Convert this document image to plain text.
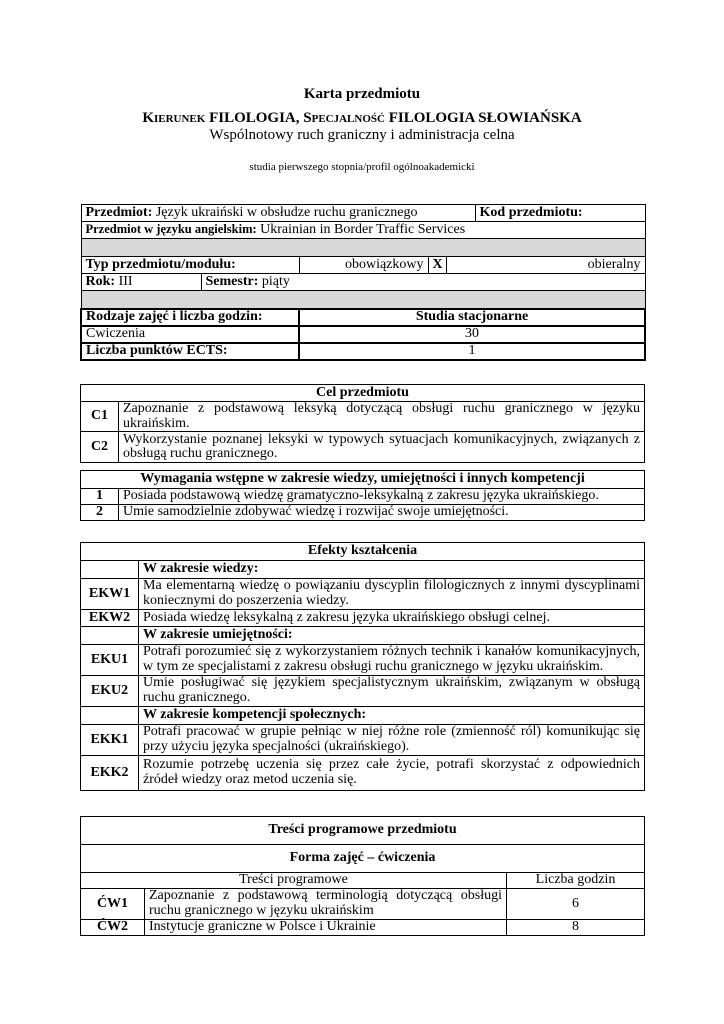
Karta przedmiotu
Kierunek FILOLOGIA, Specjalność FILOLOGIA SŁOWIAŃSKA
Wspólnotowy ruch graniczny i administracja celna
studia pierwszego stopnia/profil ogólnoakademicki
Przedmiot: Język ukraiński w obsłudze ruchu granicznego					Kod przedmiotu:
Przedmiot w języku angielskim: Ukrainian in Border Traffic Services					

Typ przedmiotu/modułu:		obowiązkowy	X	obieralny	
Rok: III	Semestr: piąty				

Rodzaje zajęć i liczba godzin:		Studia stacjonarne			
Ćwiczenia		30			
Liczba punktów ECTS:		1			
Cel przedmiotu	
C1	Zapoznanie z podstawową leksyką dotyczącą obsługi ruchu granicznego w języku ukraińskim.
C2	Wykorzystanie poznanej leksyki w typowych sytuacjach komunikacyjnych, związanych z obsługą ruchu granicznego.
Wymagania wstępne w zakresie wiedzy, umiejętności i innych kompetencji	
1	Posiada podstawową wiedzę gramatyczno-leksykalną z zakresu języka ukraińskiego.
2	Umie samodzielnie zdobywać wiedzę i rozwijać swoje umiejętności.
Efekty kształcenia	
	W zakresie wiedzy:
EKW1	Ma elementarną wiedzę o powiązaniu dyscyplin filologicznych z innymi dyscyplinami koniecznymi do poszerzenia wiedzy.
EKW2	Posiada wiedzę leksykalną z zakresu języka ukraińskiego obsługi celnej.
	W zakresie umiejętności:
EKU1	Potrafi porozumieć się z wykorzystaniem różnych technik i kanałów komunikacyjnych, w tym ze specjalistami z zakresu obsługi ruchu granicznego w języku ukraińskim.
EKU2	Umie posługiwać się językiem specjalistycznym ukraińskim, związanym w obsługą ruchu granicznego.
	W zakresie kompetencji społecznych:
EKK1	Potrafi pracować w grupie pełniąc w niej różne role (zmienność ról) komunikując się przy użyciu języka specjalności (ukraińskiego).
EKK2	Rozumie potrzebę uczenia się przez całe życie, potrafi skorzystać z odpowiednich źródeł wiedzy oraz metod uczenia się.
Treści programowe przedmiotu		
Forma zajęć – ćwiczenia		
Treści programowe		Liczba godzin
ĆW1	Zapoznanie z podstawową terminologią dotyczącą obsługi ruchu granicznego w języku ukraińskim	6
ĆW2	Instytucje graniczne w Polsce i Ukrainie	8
